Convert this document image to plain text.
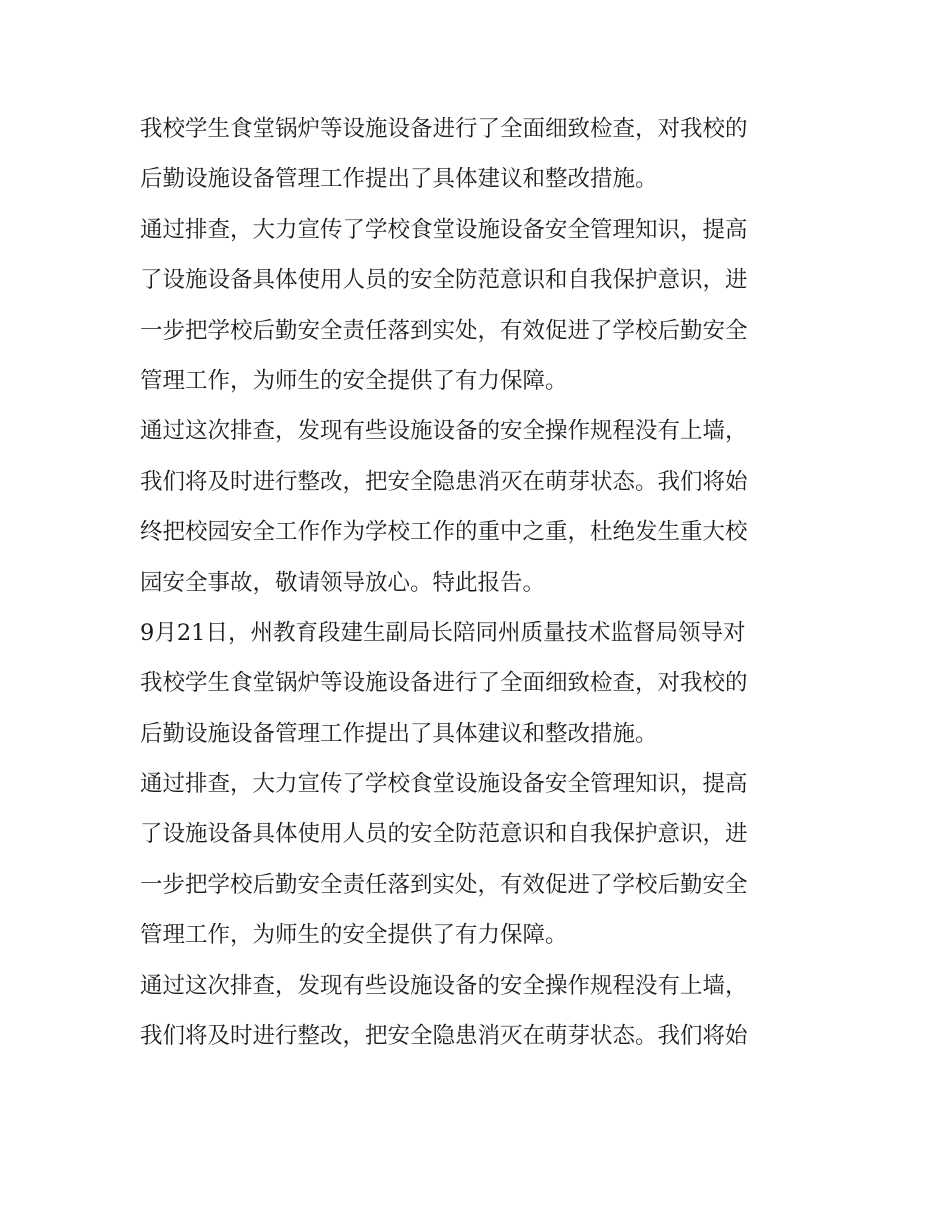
我校学生食堂锅炉等设施设备进行了全面细致检查，对我校的
后勤设施设备管理工作提出了具体建议和整改措施。
通过排查，大力宣传了学校食堂设施设备安全管理知识，提高
了设施设备具体使用人员的安全防范意识和自我保护意识，进
一步把学校后勤安全责任落到实处，有效促进了学校后勤安全
管理工作，为师生的安全提供了有力保障。
通过这次排查，发现有些设施设备的安全操作规程没有上墙，
我们将及时进行整改，把安全隐患消灭在萌芽状态。我们将始
终把校园安全工作作为学校工作的重中之重，杜绝发生重大校
园安全事故，敬请领导放心。特此报告。
9月21日，州教育段建生副局长陪同州质量技术监督局领导对
我校学生食堂锅炉等设施设备进行了全面细致检查，对我校的
后勤设施设备管理工作提出了具体建议和整改措施。
通过排查，大力宣传了学校食堂设施设备安全管理知识，提高
了设施设备具体使用人员的安全防范意识和自我保护意识，进
一步把学校后勤安全责任落到实处，有效促进了学校后勤安全
管理工作，为师生的安全提供了有力保障。
通过这次排查，发现有些设施设备的安全操作规程没有上墙，
我们将及时进行整改，把安全隐患消灭在萌芽状态。我们将始
